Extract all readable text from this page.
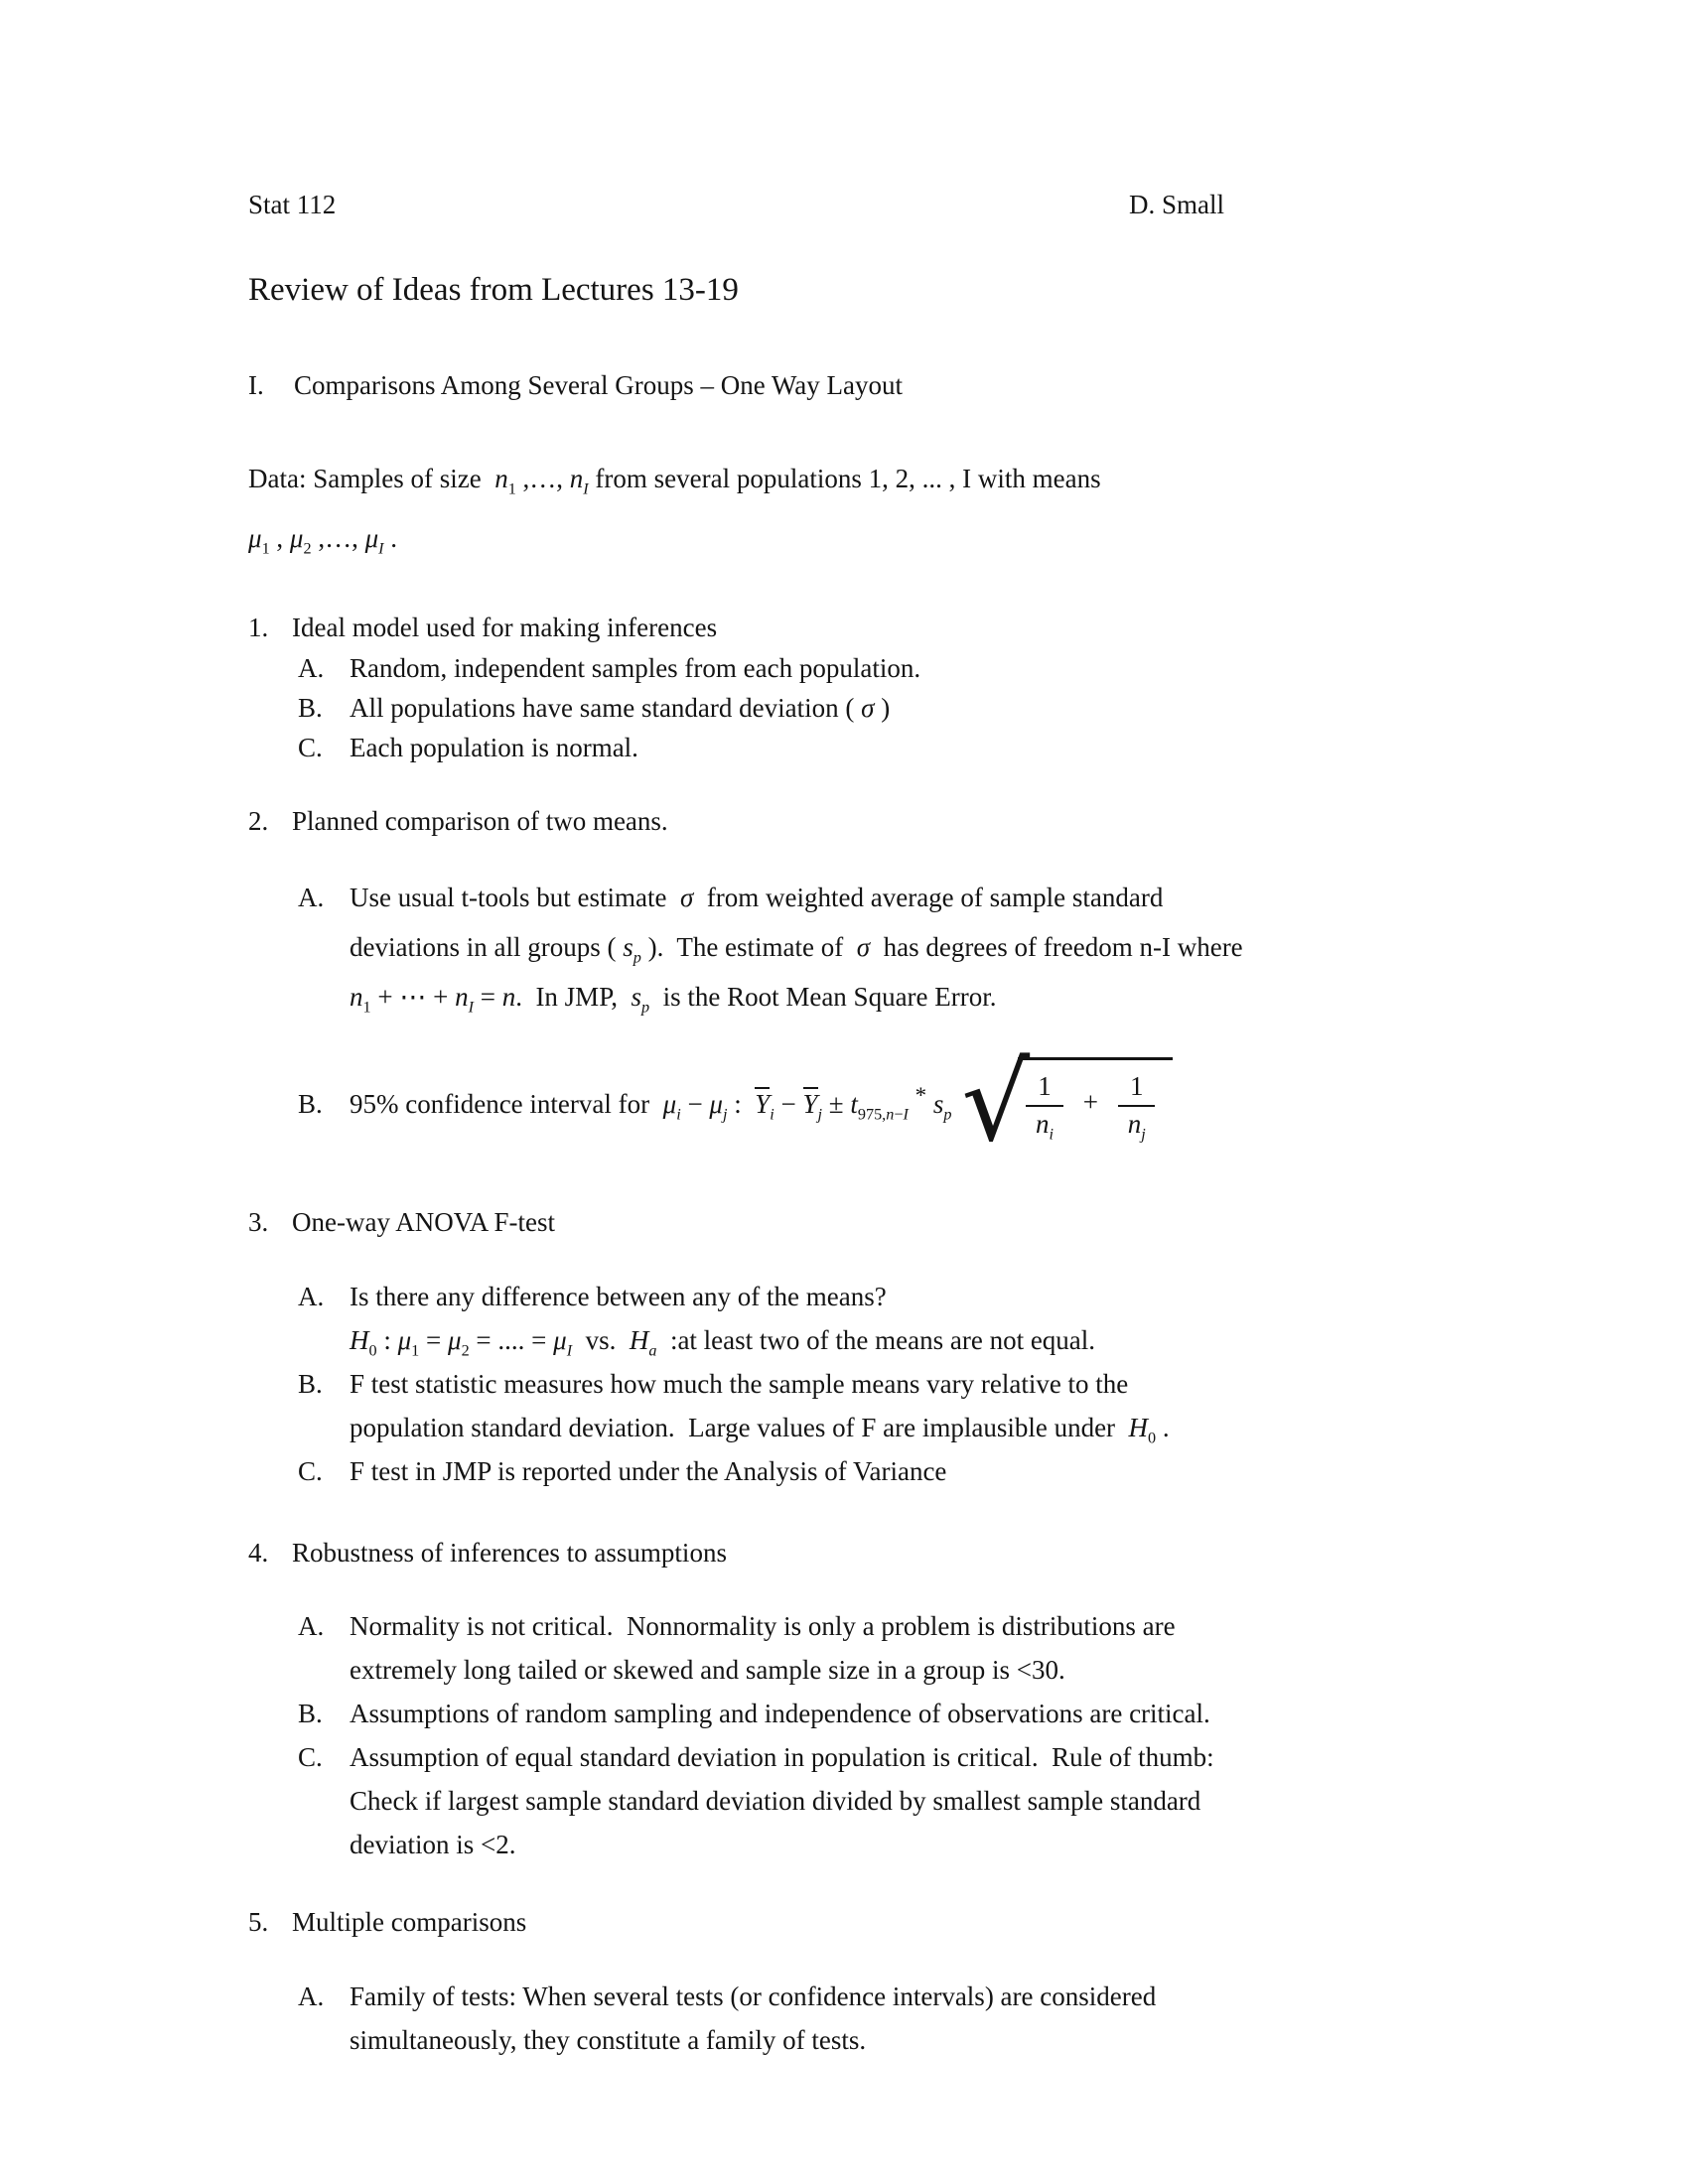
Stat 112	D. Small
Review of Ideas from Lectures 13-19
I.	Comparisons Among Several Groups – One Way Layout
Data: Samples of size  $n_1$ ,…, $n_I$ from several populations 1, 2, ... , I with means
$\mu_1$ , $\mu_2$ ,…, $\mu_I$ .
1. Ideal model used for making inferences
A. Random, independent samples from each population.
B.	All populations have same standard deviation ( σ )
C.	Each population is normal.
2. Planned comparison of two means.
A. Use usual t-tools but estimate  σ  from weighted average of sample standard
deviations in all groups ( $s_p$ ).  The estimate of  σ  has degrees of freedom n-I where
$n_1$ + ⋯ + $n_I = n$.  In JMP,  $s_p$  is the Root Mean Square Error.
B.	95% confidence interval for  $\mu_i - \mu_j$ :  $Y_i - Y_j \pm t_{975,n-I}$ * $s_p$ √
$\frac{1}{n_i} + \frac{1}{n_j}$
3. One-way ANOVA F-test
A. Is there any difference between any of the means?
$H_0$ : $\mu_1 = \mu_2$ = .... = $\mu_I$  vs.  $H_a$  :at least two of the means are not equal.
B.	F test statistic measures how much the sample means vary relative to the
population standard deviation.  Large values of F are implausible under  $H_0$ .
C.	F test in JMP is reported under the Analysis of Variance
4. Robustness of inferences to assumptions
A. Normality is not critical.  Nonnormality is only a problem is distributions are
extremely long tailed or skewed and sample size in a group is <30.
B.	Assumptions of random sampling and independence of observations are critical.
C.	Assumption of equal standard deviation in population is critical.  Rule of thumb:
Check if largest sample standard deviation divided by smallest sample standard
deviation is <2.
5. Multiple comparisons
A. Family of tests: When several tests (or confidence intervals) are considered
simultaneously, they constitute a family of tests.
